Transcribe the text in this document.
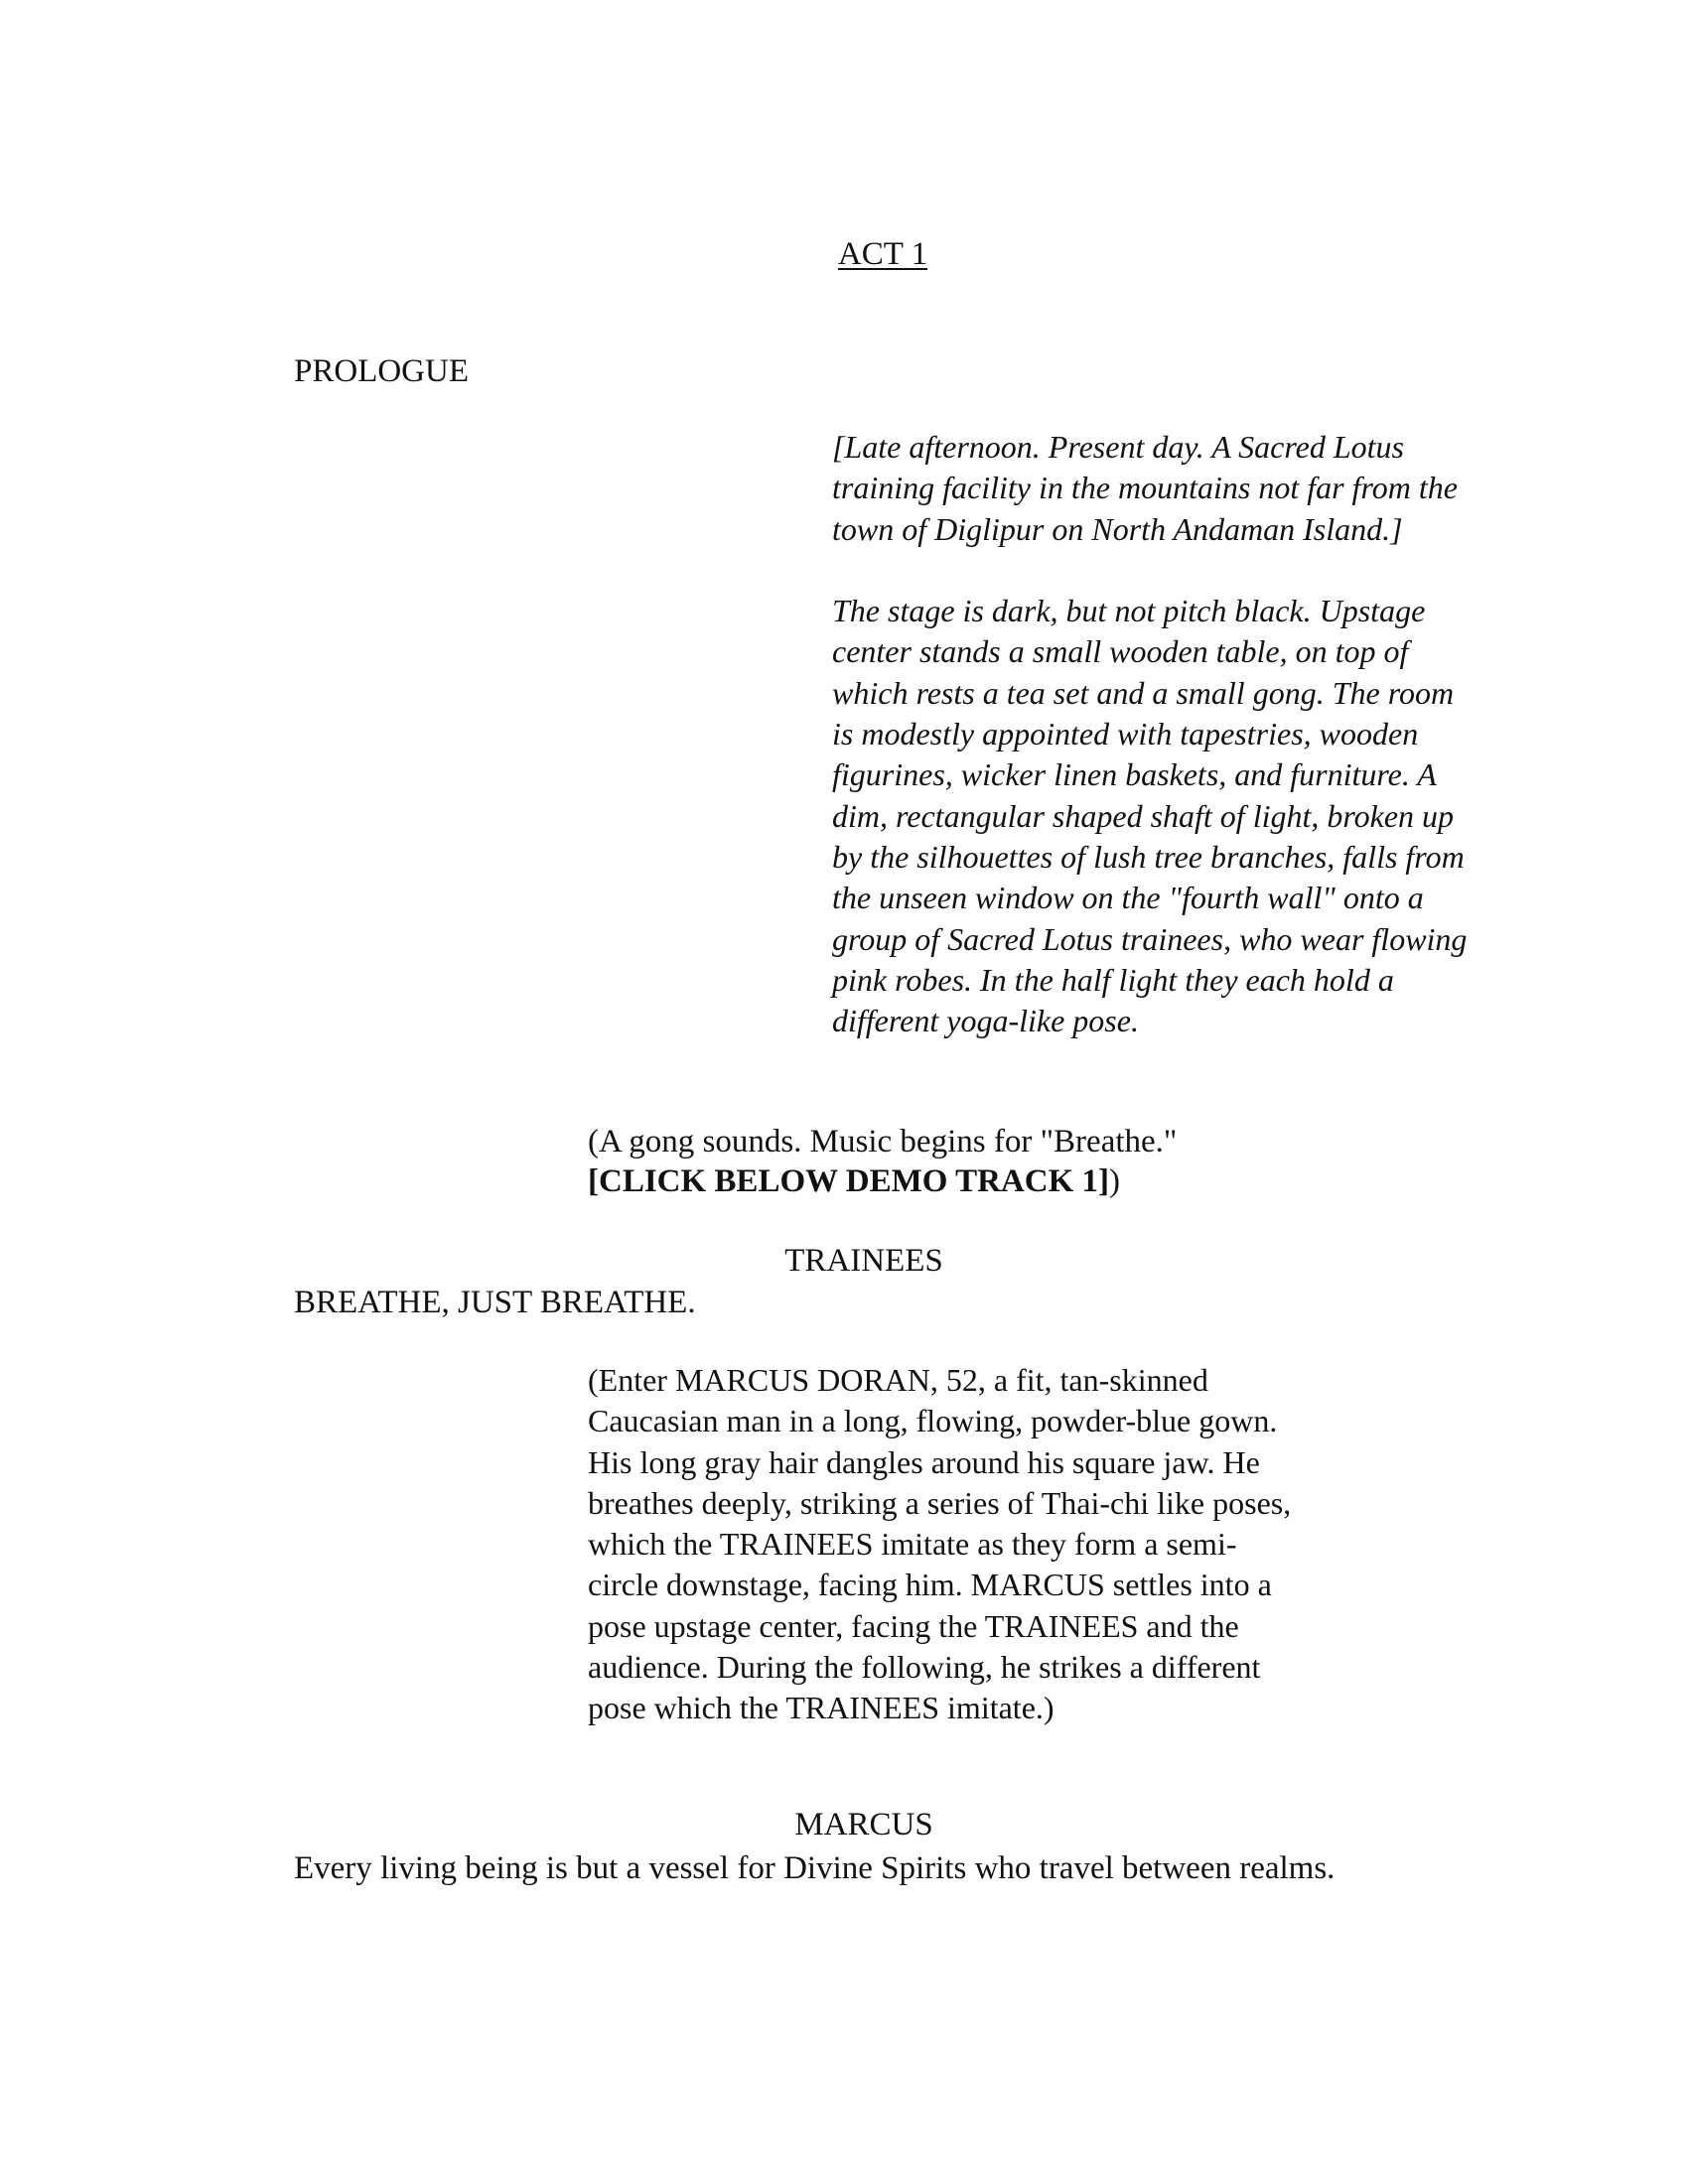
ACT 1
PROLOGUE

[Late afternoon. Present day. A Sacred Lotus training facility in the mountains not far from the town of Diglipur on North Andaman Island.]

The stage is dark, but not pitch black. Upstage center stands a small wooden table, on top of which rests a tea set and a small gong. The room is modestly appointed with tapestries, wooden figurines, wicker linen baskets, and furniture. A dim, rectangular shaped shaft of light, broken up by the silhouettes of lush tree branches, falls from the unseen window on the "fourth wall" onto a group of Sacred Lotus trainees, who wear flowing pink robes. In the half light they each hold a different yoga-like pose.

(A gong sounds. Music begins for "Breathe."
[CLICK BELOW DEMO TRACK 1])
TRAINEES
BREATHE, JUST BREATHE.
(Enter MARCUS DORAN, 52, a fit, tan-skinned Caucasian man in a long, flowing, powder-blue gown. His long gray hair dangles around his square jaw. He breathes deeply, striking a series of Thai-chi like poses, which the TRAINEES imitate as they form a semi-circle downstage, facing him. MARCUS settles into a pose upstage center, facing the TRAINEES and the audience. During the following, he strikes a different pose which the TRAINEES imitate.)
MARCUS
Every living being is but a vessel for Divine Spirits who travel between realms.
